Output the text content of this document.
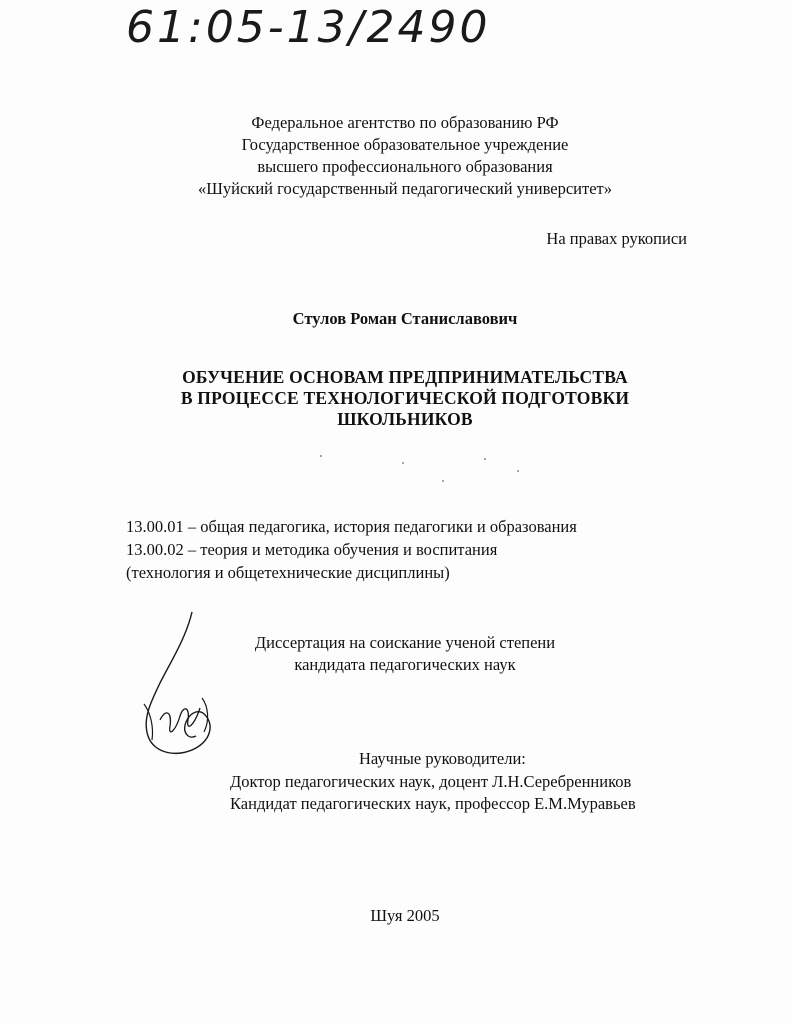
61:05-13/2490
Федеральное агентство по образованию РФ
Государственное образовательное учреждение
высшего профессионального образования
«Шуйский государственный педагогический университет»
На правах рукописи
Стулов Роман Станиславович
ОБУЧЕНИЕ ОСНОВАМ ПРЕДПРИНИМАТЕЛЬСТВА
В ПРОЦЕССЕ ТЕХНОЛОГИЧЕСКОЙ ПОДГОТОВКИ
ШКОЛЬНИКОВ
13.00.01 – общая педагогика, история педагогики и образования
13.00.02 – теория и методика обучения и воспитания
(технология и общетехнические дисциплины)
Диссертация на соискание ученой степени
кандидата педагогических наук
Научные руководители:
Доктор педагогических наук, доцент Л.Н.Серебренников
Кандидат педагогических наук, профессор Е.М.Муравьев
Шуя 2005
